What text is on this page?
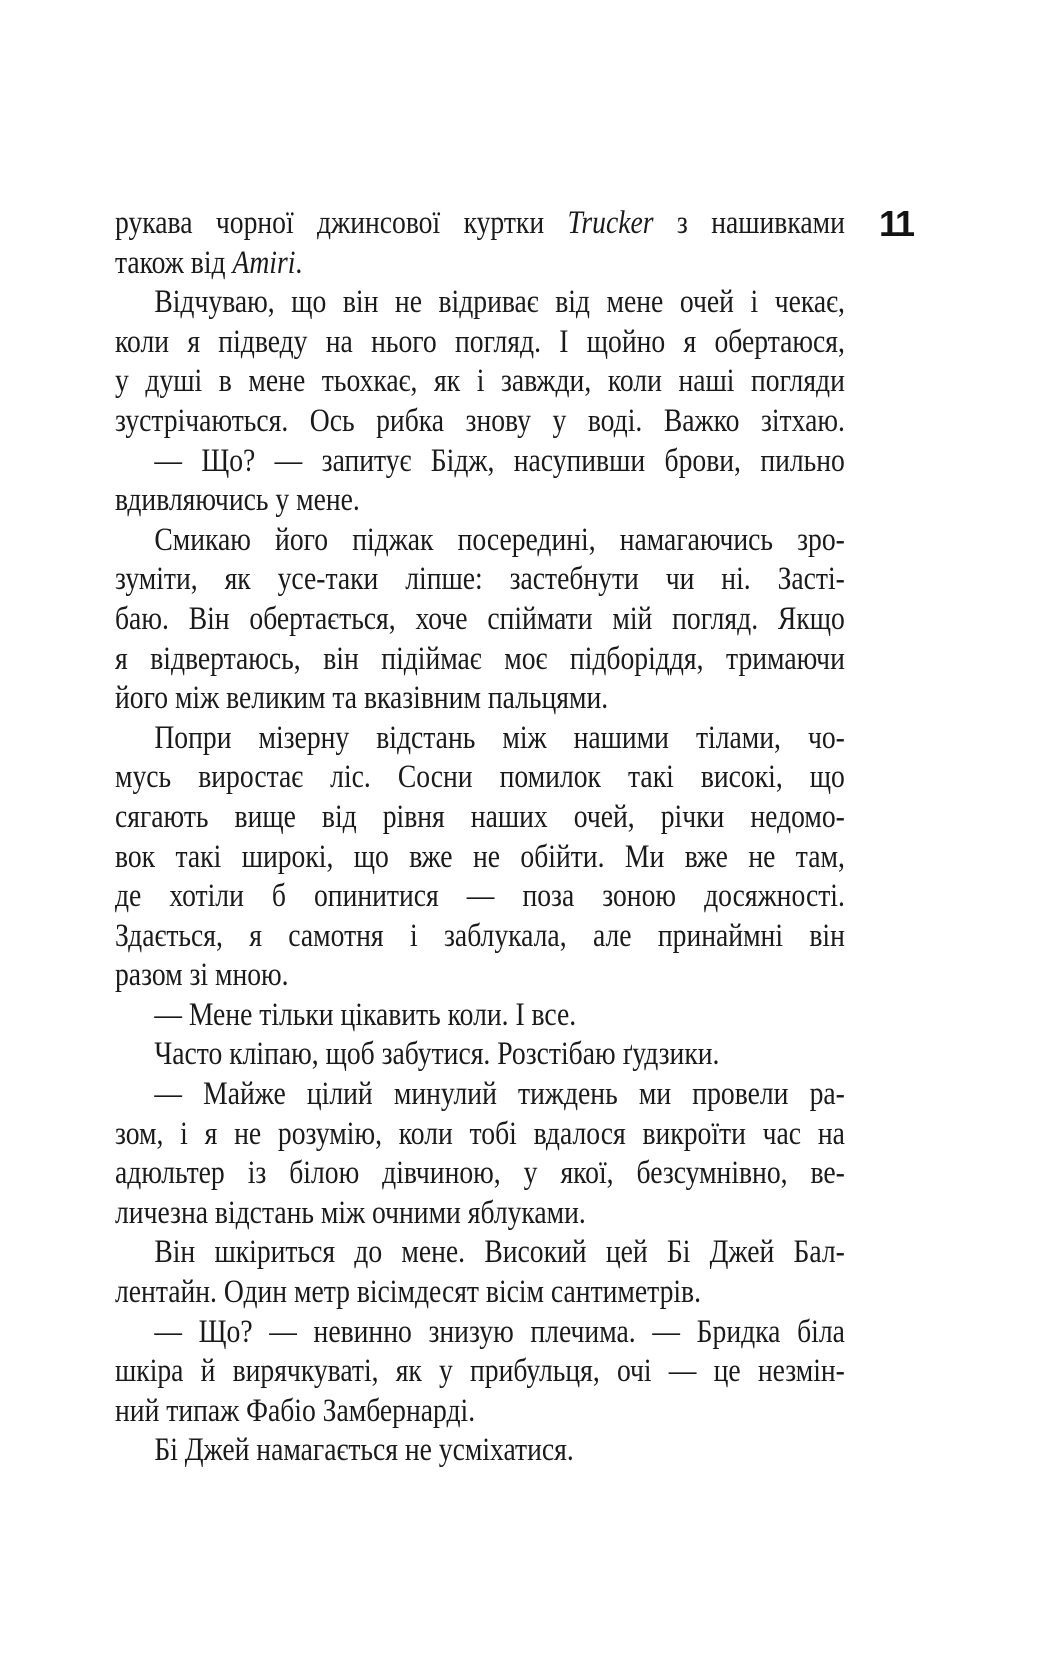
11
рукава чорної джинсової куртки Trucker з нашивками
також від Amiri.
Відчуваю, що він не відриває від мене очей і чекає,
коли я підведу на нього погляд. І щойно я обертаюся,
у душі в мене тьохкає, як і завжди, коли наші погляди
зустрічаються. Ось рибка знову у воді. Важко зітхаю.
— Що? — запитує Бідж, насупивши брови, пильно
вдивляючись у мене.
Смикаю його піджак посередині, намагаючись зро-
зуміти, як усе-таки ліпше: застебнути чи ні. Засті-
баю. Він обертається, хоче спіймати мій погляд. Якщо
я відвертаюсь, він підіймає моє підборіддя, тримаючи
його між великим та вказівним пальцями.
Попри мізерну відстань між нашими тілами, чо-
мусь виростає ліс. Сосни помилок такі високі, що
сягають вище від рівня наших очей, річки недомо-
вок такі широкі, що вже не обійти. Ми вже не там,
де хотіли б опинитися — поза зоною досяжності.
Здається, я самотня і заблукала, але принаймні він
разом зі мною.
— Мене тільки цікавить коли. І все.
Часто кліпаю, щоб забутися. Розстібаю ґудзики.
— Майже цілий минулий тиждень ми провели ра-
зом, і я не розумію, коли тобі вдалося викроїти час на
адюльтер із білою дівчиною, у якої, безсумнівно, ве-
личезна відстань між очними яблуками.
Він шкіриться до мене. Високий цей Бі Джей Бал-
лентайн. Один метр вісімдесят вісім сантиметрів.
— Що? — невинно знизую плечима. — Бридка біла
шкіра й вирячкуваті, як у прибульця, очі — це незмін-
ний типаж Фабіо Замбернарді.
Бі Джей намагається не усміхатися.
